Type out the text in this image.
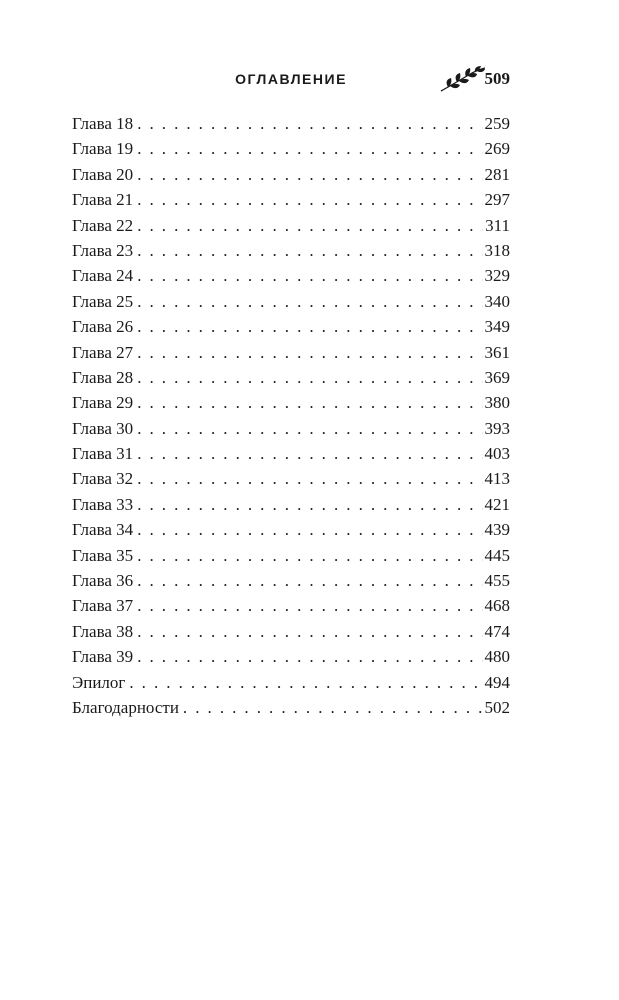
ОГЛАВЛЕНИЕ	509
Глава 18 . . .	259
Глава 19 . . .	269
Глава 20 . . .	281
Глава 21 . . .	297
Глава 22 . . .	311
Глава 23 . . .	318
Глава 24 . . .	329
Глава 25 . . .	340
Глава 26 . . .	349
Глава 27 . . .	361
Глава 28 . . .	369
Глава 29 . . .	380
Глава 30 . . .	393
Глава 31 . . .	403
Глава 32 . . .	413
Глава 33 . . .	421
Глава 34 . . .	439
Глава 35 . . .	445
Глава 36 . . .	455
Глава 37 . . .	468
Глава 38 . . .	474
Глава 39 . . .	480
Эпилог . . .	494
Благодарности . . .	502
